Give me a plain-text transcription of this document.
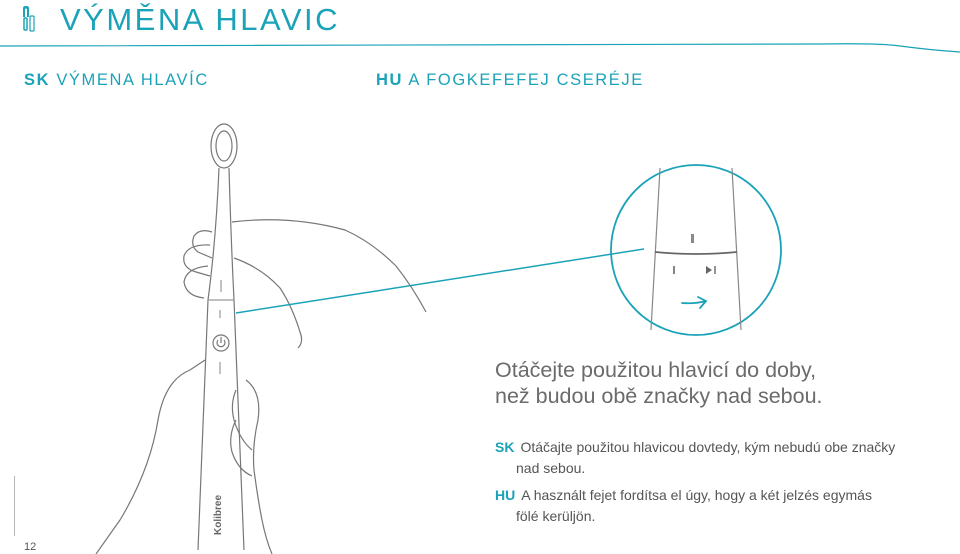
VÝMĚNA HLAVIC
SK VÝMENA HLAVÍC	HU A FOGKEFEFEJ CSERÉJE
Kolibree
Otáčejte použitou hlavicí do doby,
než budou obě značky nad sebou.
SK Otáčajte použitou hlavicou dovtedy, kým nebudú obe značky
nad sebou.
HU A használt fejet fordítsa el úgy, hogy a két jelzés egymás
fölé kerüljön.
12
